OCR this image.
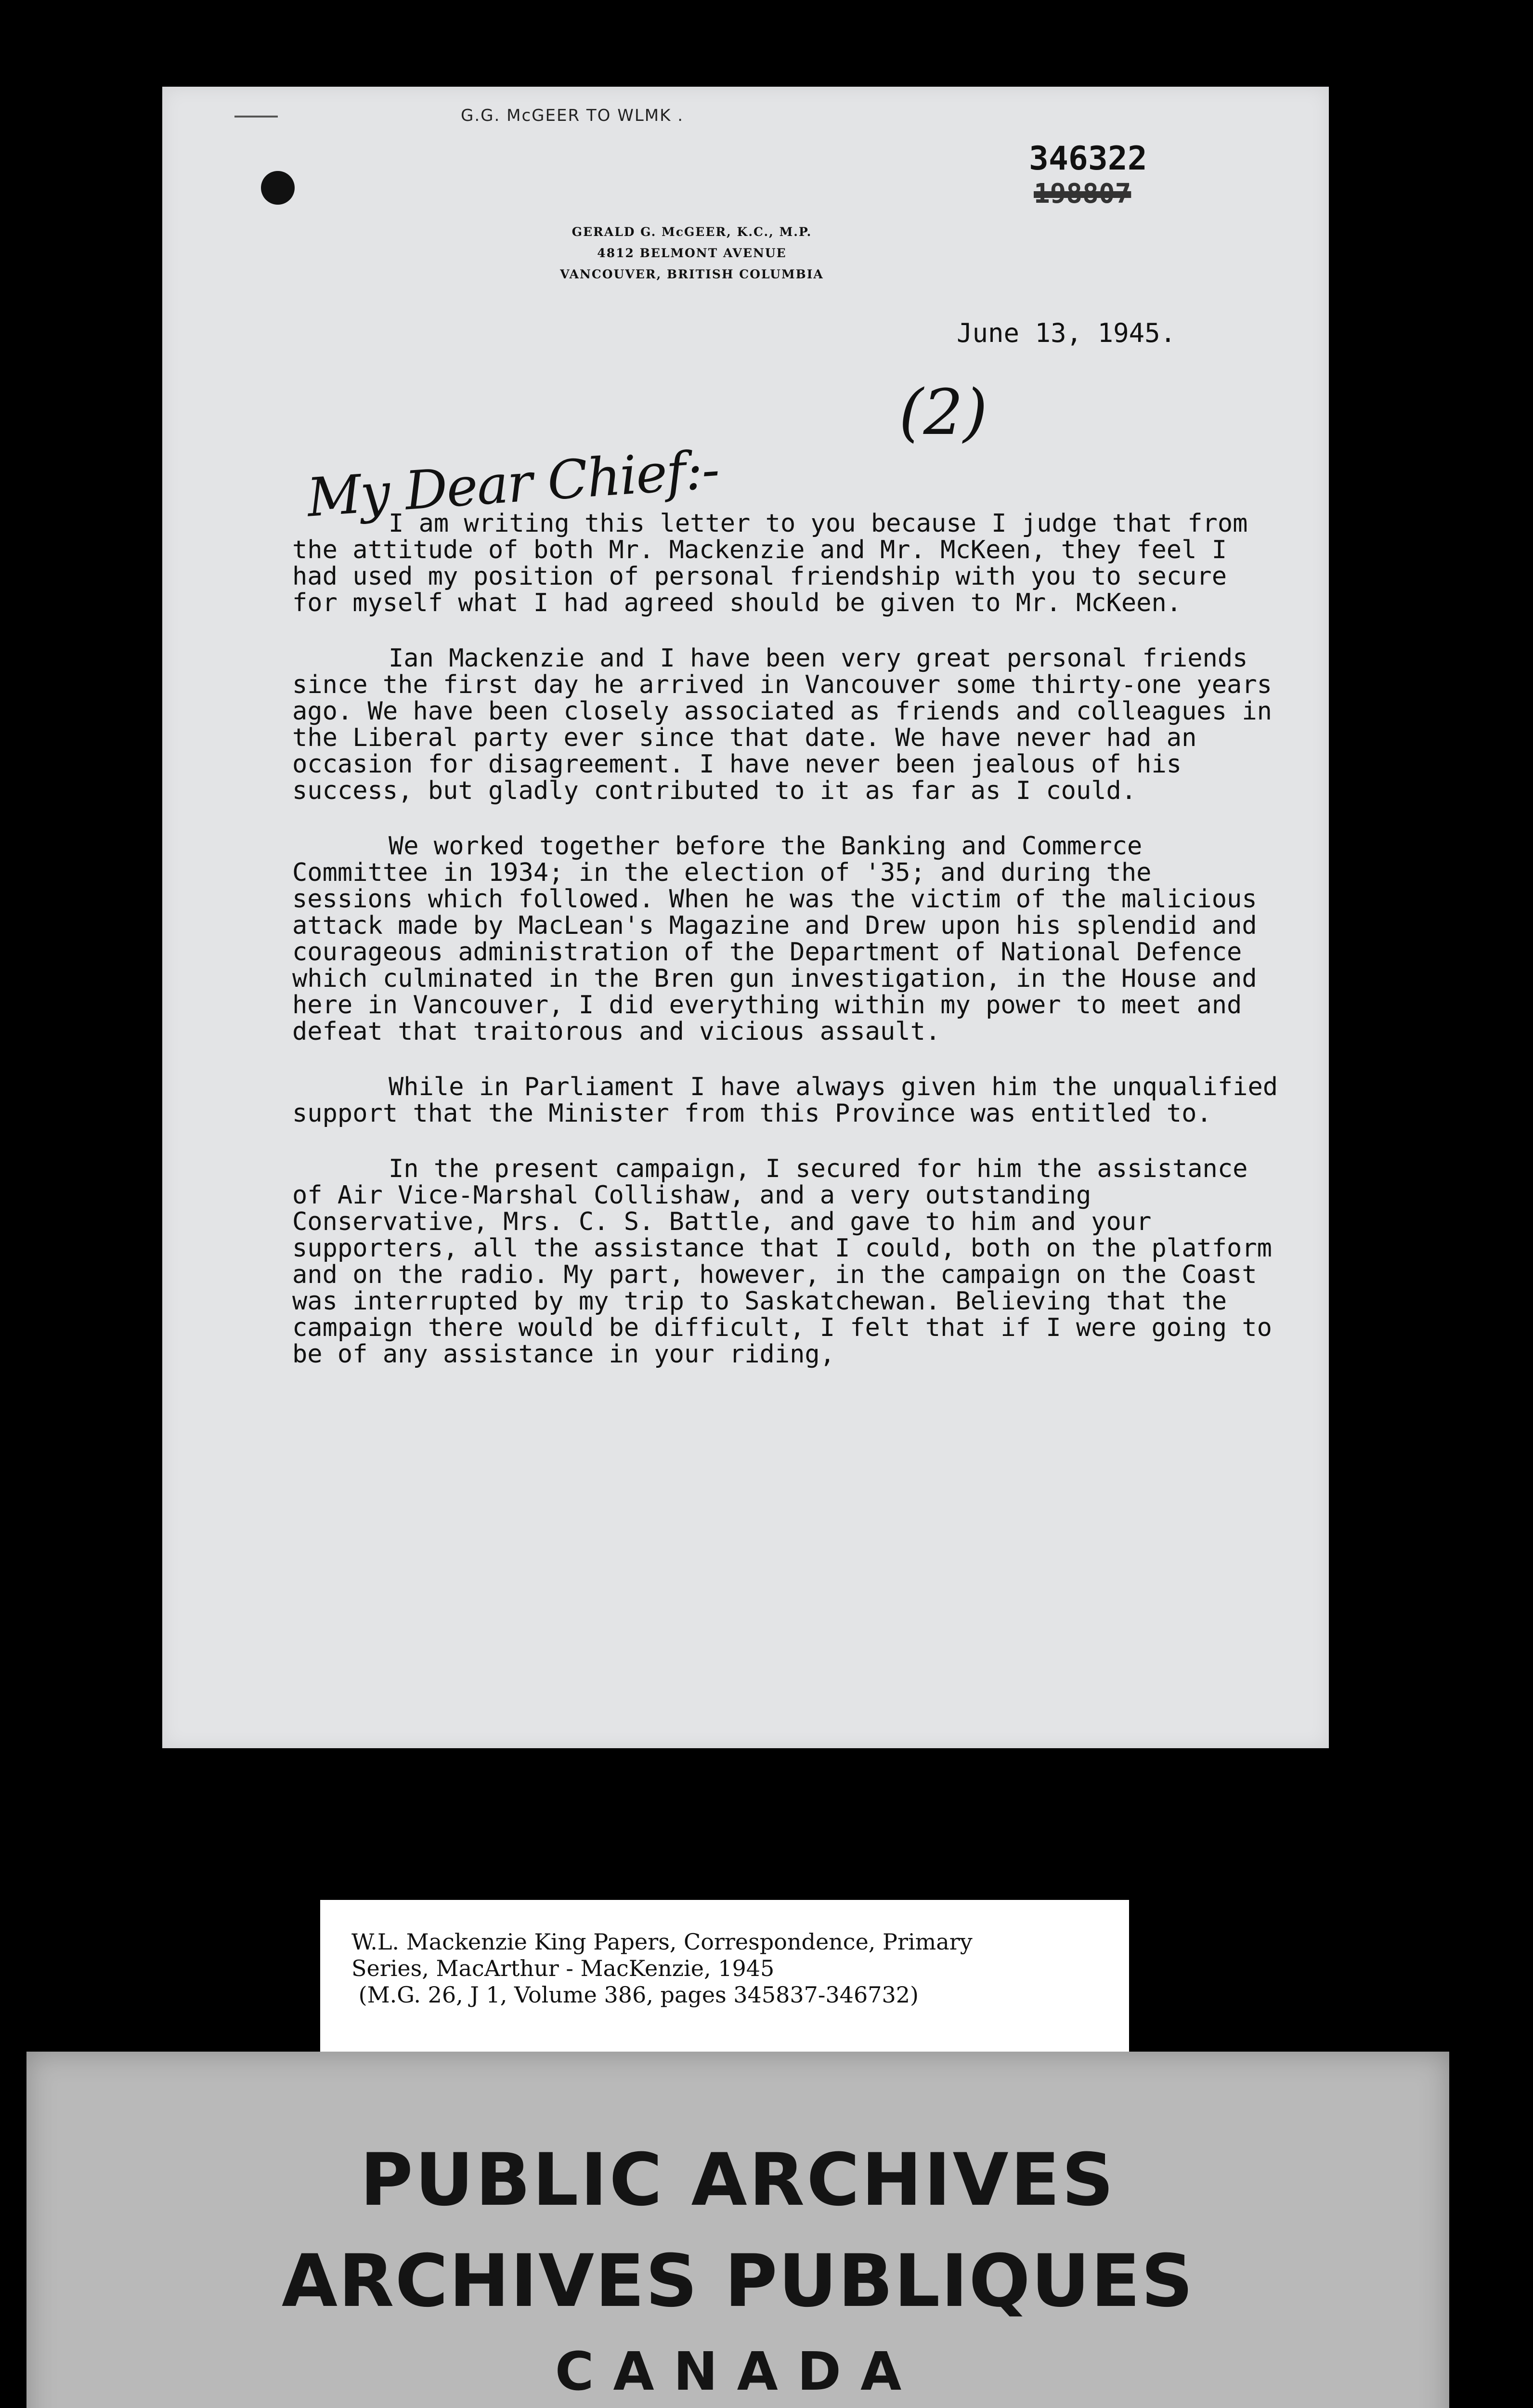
G.G. McGEER TO WLMK .
346322
198807
GERALD G. McGEER, K.C., M.P.
4812 BELMONT AVENUE
VANCOUVER, BRITISH COLUMBIA
June 13, 1945.
My Dear Chief:-
(2)

I am writing this letter to you because I judge that from the attitude of both Mr. Mackenzie and Mr. McKeen, they feel I had used my position of personal friendship with you to secure for myself what I had agreed should be given to Mr. McKeen.

Ian Mackenzie and I have been very great personal friends since the first day he arrived in Vancouver some thirty-one years ago. We have been closely associated as friends and colleagues in the Liberal party ever since that date. We have never had an occasion for disagreement. I have never been jealous of his success, but gladly contributed to it as far as I could.

We worked together before the Banking and Commerce Committee in 1934; in the election of '35; and during the sessions which followed. When he was the victim of the malicious attack made by MacLean's Magazine and Drew upon his splendid and courageous administration of the Department of National Defence which culminated in the Bren gun investigation, in the House and here in Vancouver, I did everything within my power to meet and defeat that traitorous and vicious assault.

While in Parliament I have always given him the unqualified support that the Minister from this Province was entitled to.

In the present campaign, I secured for him the assistance of Air Vice-Marshal Collishaw, and a very outstanding Conservative, Mrs. C. S. Battle, and gave to him and your supporters, all the assistance that I could, both on the platform and on the radio. My part, however, in the campaign on the Coast was interrupted by my trip to Saskatchewan. Believing that the campaign there would be difficult, I felt that if I were going to be of any assistance in your riding,

W.L. Mackenzie King Papers, Correspondence, Primary
Series, MacArthur - MacKenzie, 1945
(M.G. 26, J 1, Volume 386, pages 345837-346732)
PUBLIC ARCHIVES
ARCHIVES PUBLIQUES
CANADA
